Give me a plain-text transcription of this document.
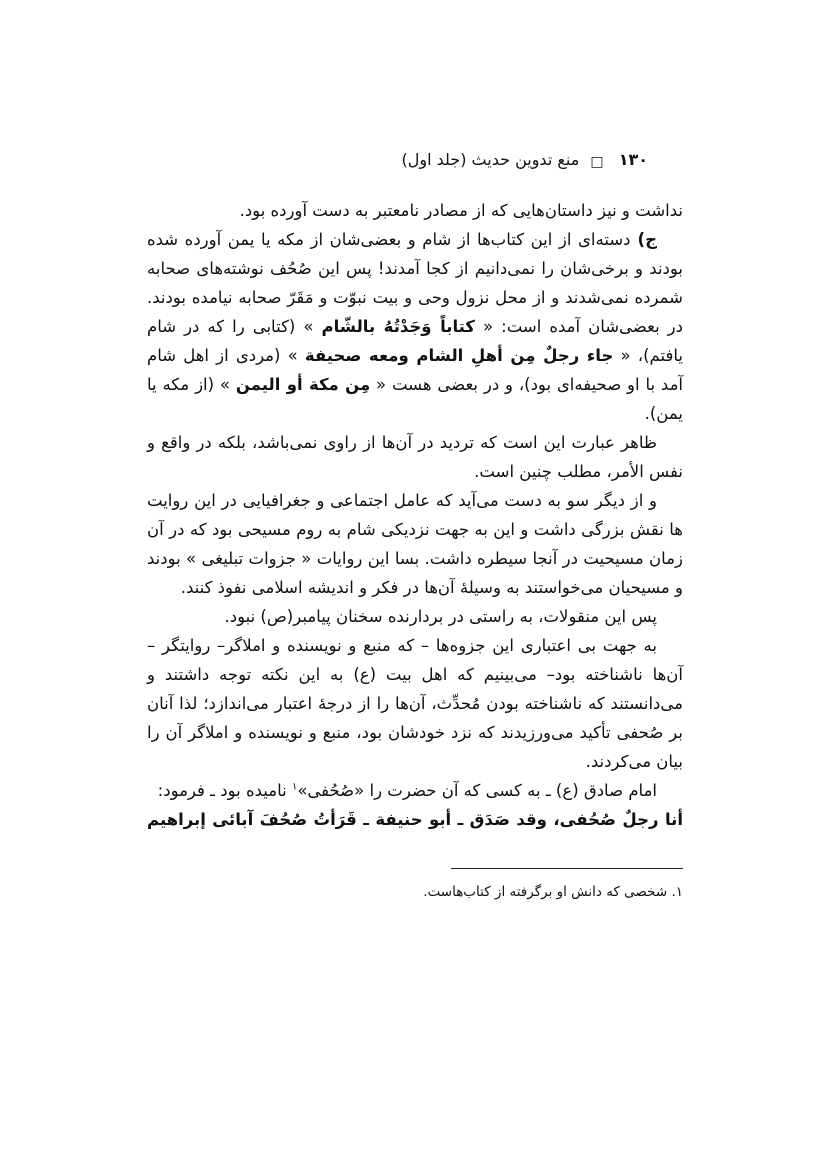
۱۳۰ □ منع تدوین حدیث (جلد اول)

نداشت و نیز داستان‌هایی که از مصادر نامعتبر به دست آورده بود.

ج) دسته‌ای از این کتاب‌ها از شام و بعضی‌شان از مکه یا یمن آورده شده بودند و برخی‌شان را نمی‌دانیم از کجا آمدند! پس این صُحُف نوشته‌های صحابه شمرده نمی‌شدند و از محل نزول وحی و بیت نبوّت و مَقَرّ صحابه نیامده بودند. در بعضی‌شان آمده است: « کتاباً وَجَدْتُهُ بالشّام » (کتابی را که در شام یافتم)، « جاء رجلٌ مِن أهلِ الشام ومعه صحیفة » (مردی از اهل شام آمد با او صحیفه‌ای بود)، و در بعضی هست « مِن مکة أو الیمن » (از مکه یا یمن).

ظاهر عبارت این است که تردید در آن‌ها از راوی نمی‌باشد، بلکه در واقع و نفس الأمر، مطلب چنین است.

و از دیگر سو به دست می‌آید که عامل اجتماعی و جغرافیایی در این روایت ها نقش بزرگی داشت و این به جهت نزدیکی شام به روم مسیحی بود که در آن زمان مسیحیت در آنجا سیطره داشت. بسا این روایات « جزوات تبلیغی » بودند و مسیحیان می‌خواستند به وسیلهٔ آن‌ها در فکر و اندیشه اسلامی نفوذ کنند.

پس این منقولات، به راستی در بردارنده سخنان پیامبر(ص) نبود.

به جهت بی اعتباری این جزوه‌ها – که منبع و نویسنده و املاگر– روایتگر – آن‌ها ناشناخته بود– می‌بینیم که اهل بیت (ع) به این نکته توجه داشتند و می‌دانستند که ناشناخته بودن مُحدِّث، آن‌ها را از درجهٔ اعتبار می‌اندازد؛ لذا آنان بر صُحفی تأکید می‌ورزیدند که نزد خودشان بود، منبع و نویسنده و املاگر آن را بیان می‌کردند.

امام صادق (ع) ـ به کسی که آن حضرت را «صُحُفی»$^۱$ نامیده بود ـ فرمود:

أنا رجلٌ صُحُفی، وقد صَدَق ـ أبو حنیفة ـ قَرَأتُ صُحُفَ آبائی إبراهیم

۱. شخصی که دانش او برگرفته از کتاب‌هاست.
